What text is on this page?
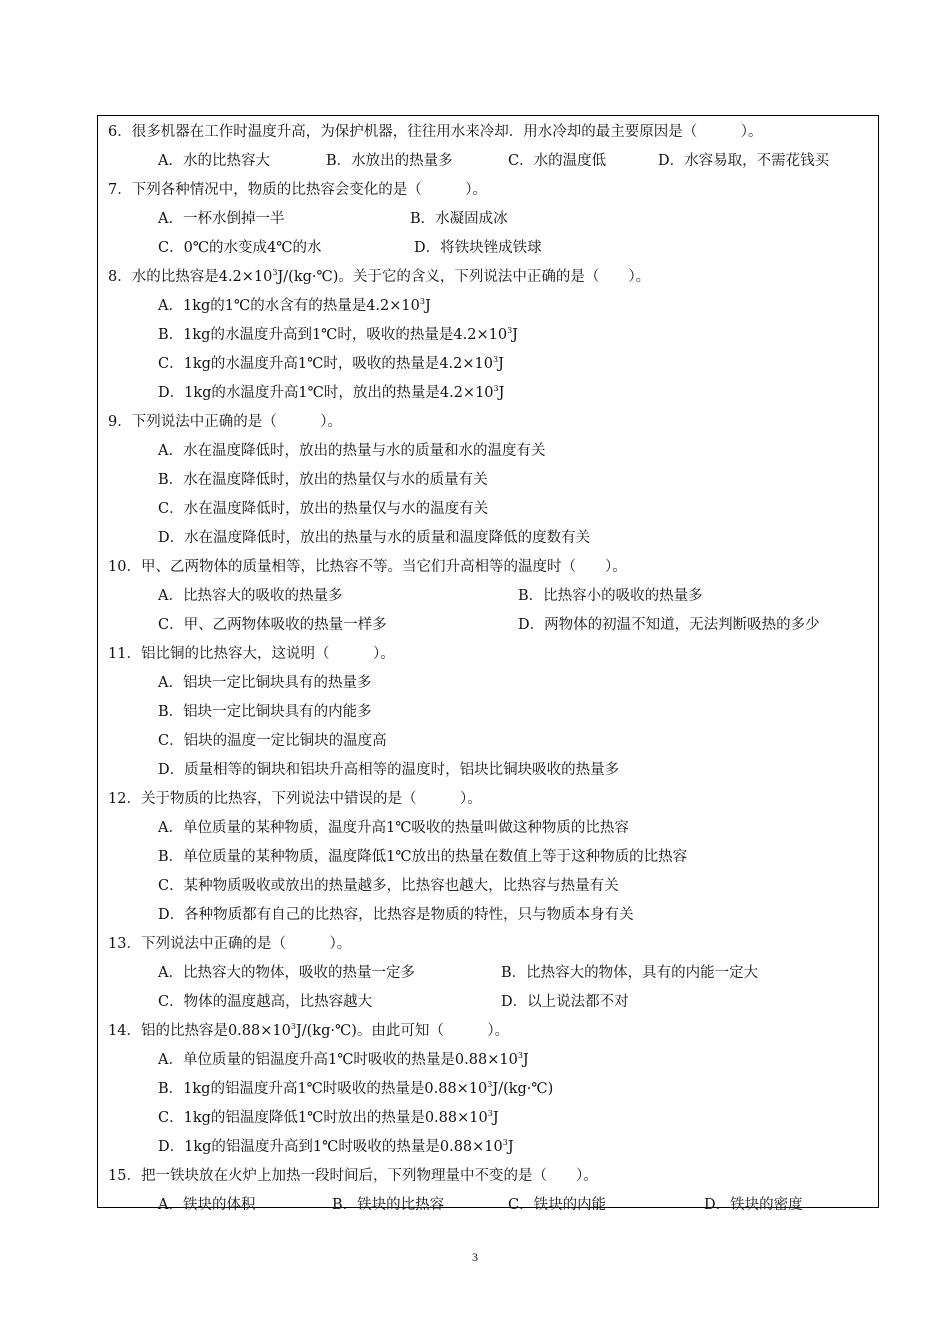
6．很多机器在工作时温度升高，为保护机器，往往用水来冷却．用水冷却的最主要原因是（　　　）。
A．水的比热容大	B．水放出的热量多	C．水的温度低	D．水容易取，不需花钱买
7．下列各种情况中，物质的比热容会变化的是（　　　）。
A．一杯水倒掉一半	B．水凝固成冰
C．0℃的水变成4℃的水	D．将铁块锉成铁球
8．水的比热容是$4.2\times 10^3J/(kg\cdot℃)$。关于它的含义，下列说法中正确的是（　　）。
A．1kg的1℃的水含有的热量是$4.2\times 10^3J$
B．1kg的水温度升高到1℃时，吸收的热量是$4.2\times 10^3J$
C．1kg的水温度升高1℃时，吸收的热量是$4.2\times 10^3J$
D．1kg的水温度升高1℃时，放出的热量是$4.2\times 10^3J$
9．下列说法中正确的是（　　　）。
A．水在温度降低时，放出的热量与水的质量和水的温度有关
B．水在温度降低时，放出的热量仅与水的质量有关
C．水在温度降低时，放出的热量仅与水的温度有关
D．水在温度降低时，放出的热量与水的质量和温度降低的度数有关
10．甲、乙两物体的质量相等，比热容不等。当它们升高相等的温度时（　　）。
A．比热容大的吸收的热量多	B．比热容小的吸收的热量多
C．甲、乙两物体吸收的热量一样多	D．两物体的初温不知道，无法判断吸热的多少
11．铝比铜的比热容大，这说明（　　　）。
A．铝块一定比铜块具有的热量多
B．铝块一定比铜块具有的内能多
C．铝块的温度一定比铜块的温度高
D．质量相等的铜块和铝块升高相等的温度时，铝块比铜块吸收的热量多
12．关于物质的比热容，下列说法中错误的是（　　　）。
A．单位质量的某种物质，温度升高1℃吸收的热量叫做这种物质的比热容
B．单位质量的某种物质，温度降低1℃放出的热量在数值上等于这种物质的比热容
C．某种物质吸收或放出的热量越多，比热容也越大，比热容与热量有关
D．各种物质都有自己的比热容，比热容是物质的特性，只与物质本身有关
13．下列说法中正确的是（　　　）。
A．比热容大的物体，吸收的热量一定多	B．比热容大的物体，具有的内能一定大
C．物体的温度越高，比热容越大	D．以上说法都不对
14．铝的比热容是$0.88\times 10^3J/(kg\cdot℃)$。由此可知（　　　）。
A．单位质量的铝温度升高1℃时吸收的热量是$0.88\times 10^3J$
B．1kg的铝温度升高1℃时吸收的热量是$0.88\times 10^3J/(kg\cdot℃)$
C．1kg的铝温度降低1℃时放出的热量是$0.88\times 10^3J$
D．1kg的铝温度升高到1℃时吸收的热量是$0.88\times 10^3J$
15．把一铁块放在火炉上加热一段时间后，下列物理量中不变的是（　　）。
A．铁块的体积	B．铁块的比热容	C．铁块的内能	D．铁块的密度
3
